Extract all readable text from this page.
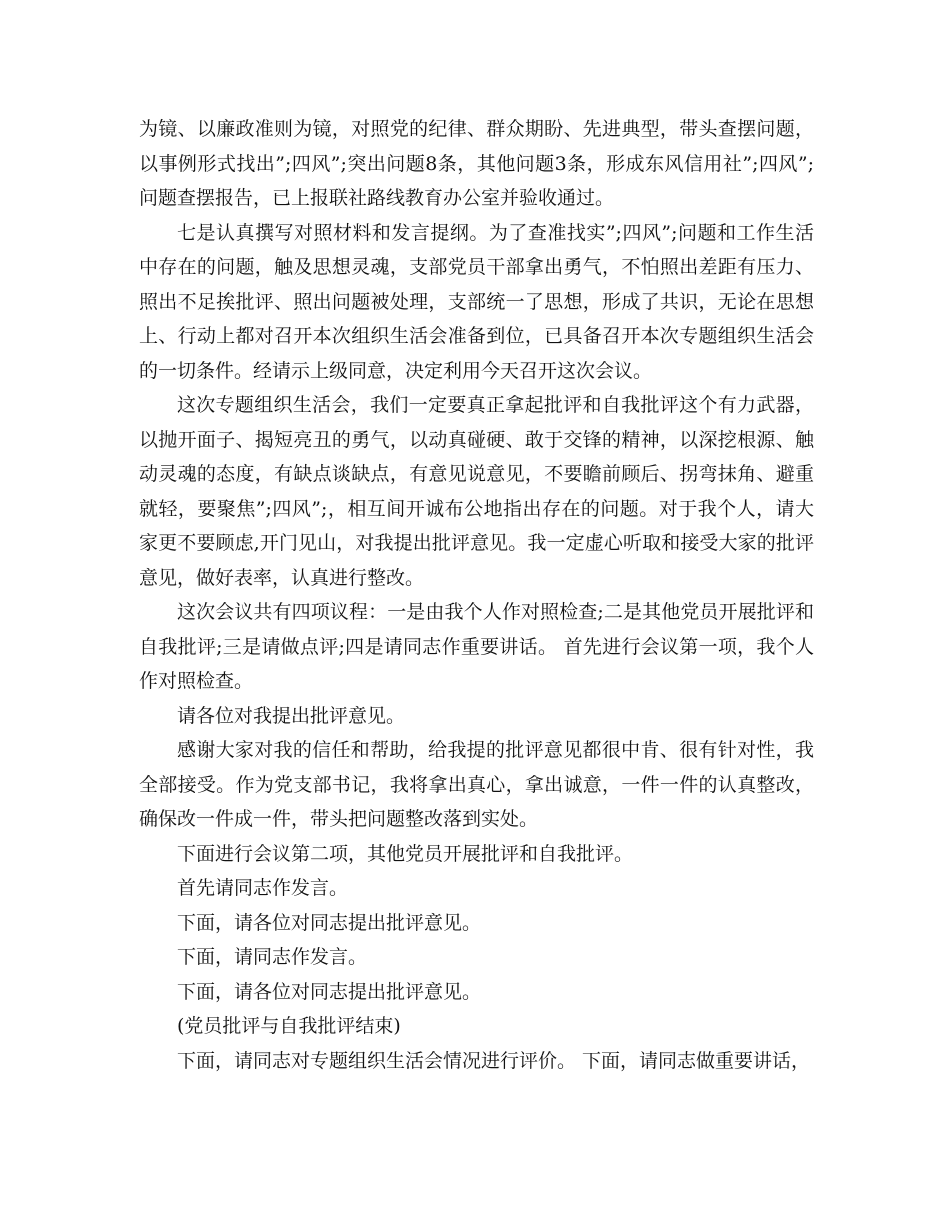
为镜、以廉政准则为镜，对照党的纪律、群众期盼、先进典型，带头查摆问题，以事例形式找出”;四风”;突出问题8条，其他问题3条，形成东风信用社”;四风”;问题查摆报告，已上报联社路线教育办公室并验收通过。

七是认真撰写对照材料和发言提纲。为了查准找实”;四风”;问题和工作生活中存在的问题，触及思想灵魂，支部党员干部拿出勇气，不怕照出差距有压力、照出不足挨批评、照出问题被处理，支部统一了思想，形成了共识，无论在思想上、行动上都对召开本次组织生活会准备到位，已具备召开本次专题组织生活会的一切条件。经请示上级同意，决定利用今天召开这次会议。

这次专题组织生活会，我们一定要真正拿起批评和自我批评这个有力武器，以抛开面子、揭短亮丑的勇气，以动真碰硬、敢于交锋的精神，以深挖根源、触动灵魂的态度，有缺点谈缺点，有意见说意见，不要瞻前顾后、拐弯抹角、避重就轻，要聚焦”;四风”;，相互间开诚布公地指出存在的问题。对于我个人，请大家更不要顾虑,开门见山，对我提出批评意见。我一定虚心听取和接受大家的批评意见，做好表率，认真进行整改。

这次会议共有四项议程：一是由我个人作对照检查;二是其他党员开展批评和自我批评;三是请做点评;四是请同志作重要讲话。 首先进行会议第一项，我个人作对照检查。

请各位对我提出批评意见。

感谢大家对我的信任和帮助，给我提的批评意见都很中肯、很有针对性，我全部接受。作为党支部书记，我将拿出真心，拿出诚意，一件一件的认真整改，确保改一件成一件，带头把问题整改落到实处。

下面进行会议第二项，其他党员开展批评和自我批评。

首先请同志作发言。

下面，请各位对同志提出批评意见。

下面，请同志作发言。

下面，请各位对同志提出批评意见。

(党员批评与自我批评结束)

下面，请同志对专题组织生活会情况进行评价。 下面，请同志做重要讲话，
